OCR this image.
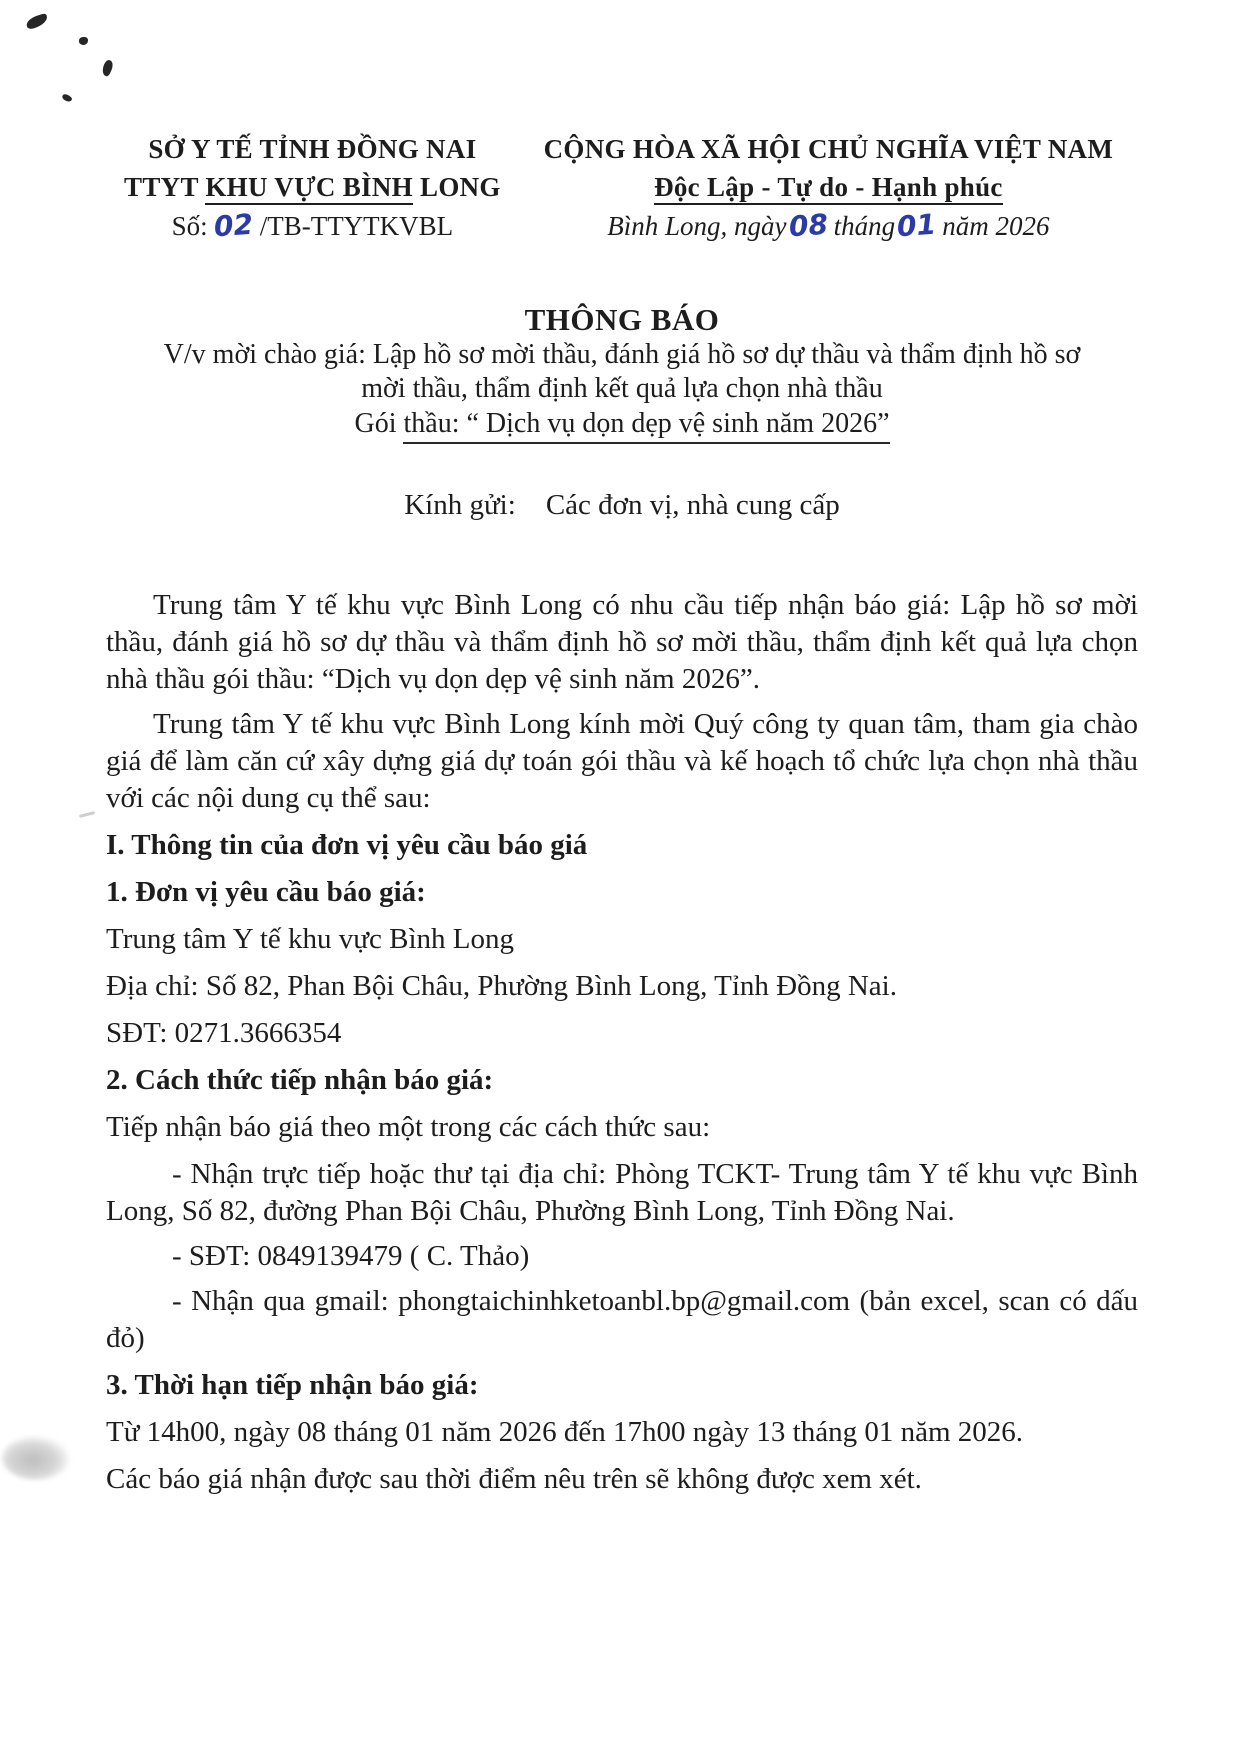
SỞ Y TẾ TỈNH ĐỒNG NAI
TTYT KHU VỰC BÌNH LONG
Số: 02 /TB-TTYTKVBL
CỘNG HÒA XÃ HỘI CHỦ NGHĨA VIỆT NAM
Độc Lập - Tự do - Hạnh phúc
Bình Long, ngày08 tháng01 năm 2026
THÔNG BÁO
V/v mời chào giá: Lập hồ sơ mời thầu, đánh giá hồ sơ dự thầu và thẩm định hồ sơ
mời thầu, thẩm định kết quả lựa chọn nhà thầu
Gói thầu: “ Dịch vụ dọn dẹp vệ sinh năm 2026”
Kính gửi: Các đơn vị, nhà cung cấp

Trung tâm Y tế khu vực Bình Long có nhu cầu tiếp nhận báo giá: Lập hồ sơ mời thầu, đánh giá hồ sơ dự thầu và thẩm định hồ sơ mời thầu, thẩm định kết quả lựa chọn nhà thầu gói thầu: “Dịch vụ dọn dẹp vệ sinh năm 2026”.

Trung tâm Y tế khu vực Bình Long kính mời Quý công ty quan tâm, tham gia chào giá để làm căn cứ xây dựng giá dự toán gói thầu và kế hoạch tổ chức lựa chọn nhà thầu với các nội dung cụ thể sau:

I. Thông tin của đơn vị yêu cầu báo giá
1. Đơn vị yêu cầu báo giá:
Trung tâm Y tế khu vực Bình Long
Địa chỉ: Số 82, Phan Bội Châu, Phường Bình Long, Tỉnh Đồng Nai.
SĐT: 0271.3666354
2. Cách thức tiếp nhận báo giá:
Tiếp nhận báo giá theo một trong các cách thức sau:

- Nhận trực tiếp hoặc thư tại địa chỉ: Phòng TCKT- Trung tâm Y tế khu vực Bình Long, Số 82, đường Phan Bội Châu, Phường Bình Long, Tỉnh Đồng Nai.

- SĐT: 0849139479 ( C. Thảo)

- Nhận qua gmail: phongtaichinhketoanbl.bp@gmail.com (bản excel, scan có dấu đỏ)

3. Thời hạn tiếp nhận báo giá:
Từ 14h00, ngày 08 tháng 01 năm 2026 đến 17h00 ngày 13 tháng 01 năm 2026.
Các báo giá nhận được sau thời điểm nêu trên sẽ không được xem xét.
